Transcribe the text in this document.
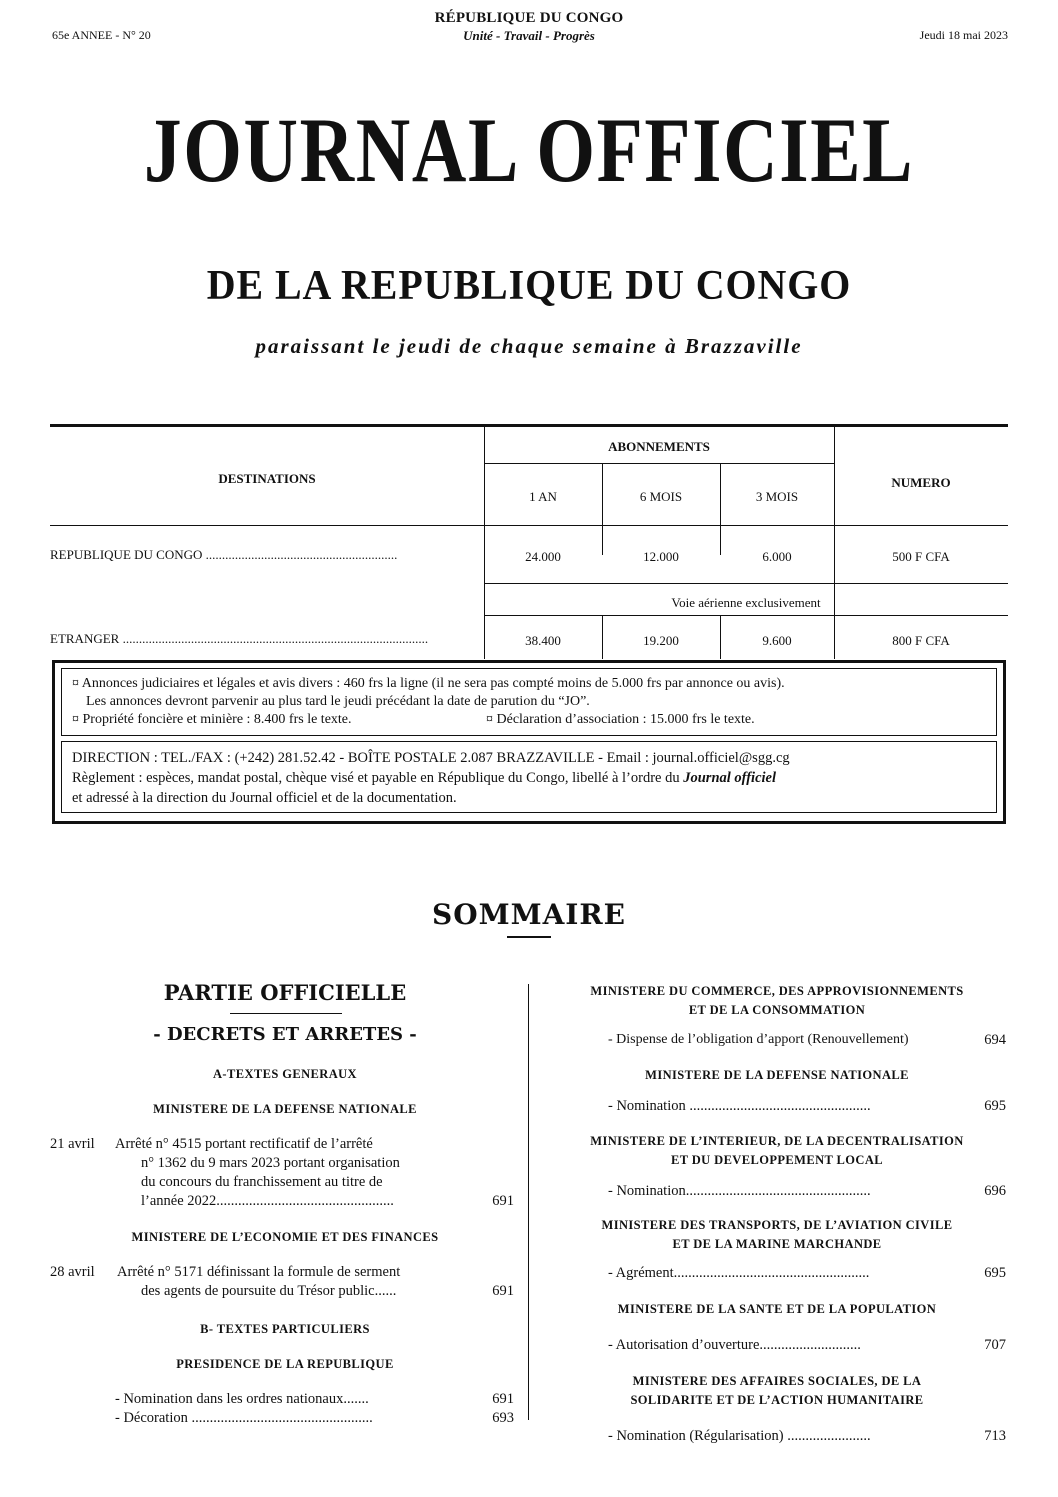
65e ANNEE - N° 20
RÉPUBLIQUE DU CONGO
Unité - Travail - Progrès	Jeudi 18 mai 2023
JOURNAL OFFICIEL
DE LA REPUBLIQUE DU CONGO
paraissant le jeudi de chaque semaine à Brazzaville
DESTINATIONS
ABONNEMENTS
NUMERO
1 AN	6 MOIS	3 MOIS
REPUBLIQUE DU CONGO ...........................................................	24.000	12.000	6.000	500 F CFA
Voie aérienne exclusivement
ETRANGER ..............................................................................................	38.400	19.200	9.600	800 F CFA
¤ Annonces judiciaires et légales et avis divers : 460 frs la ligne (il ne sera pas compté moins de 5.000 frs par annonce ou avis).
Les annonces devront parvenir au plus tard le jeudi précédant la date de parution du “JO”.
¤ Propriété foncière et minière : 8.400 frs le texte.	¤ Déclaration d’association : 15.000 frs le texte.
DIRECTION : TEL./FAX : (+242) 281.52.42 - BOÎTE POSTALE 2.087 BRAZZAVILLE - Email : journal.officiel@sgg.cg
Règlement : espèces, mandat postal, chèque visé et payable en République du Congo, libellé à l’ordre du Journal officiel
et adressé à la direction du Journal officiel et de la documentation.
SOMMAIRE
PARTIE OFFICIELLE
- DECRETS ET ARRETES -
A-TEXTES GENERAUX
MINISTERE DE LA DEFENSE NATIONALE
21 avril Arrêté n° 4515 portant rectificatif de l’arrêté
n° 1362 du 9 mars 2023 portant organisation
du concours du franchissement au titre de
l’année 2022.................................................	691
MINISTERE DE L’ECONOMIE ET DES FINANCES
28 avril Arrêté n° 5171 définissant la formule de serment
des agents de poursuite du Trésor public......	691
B- TEXTES PARTICULIERS
PRESIDENCE DE LA REPUBLIQUE
- Nomination dans les ordres nationaux.......	691
- Décoration ..................................................	693
MINISTERE DU COMMERCE, DES APPROVISIONNEMENTS
ET DE LA CONSOMMATION
- Dispense de l’obligation d’apport (Renouvellement)	694
MINISTERE DE LA DEFENSE NATIONALE
- Nomination ..................................................	695
MINISTERE DE L’INTERIEUR, DE LA DECENTRALISATION
ET DU DEVELOPPEMENT LOCAL
- Nomination...................................................	696
MINISTERE DES TRANSPORTS, DE L’AVIATION CIVILE
ET DE LA MARINE MARCHANDE
- Agrément......................................................	695
MINISTERE DE LA SANTE ET DE LA POPULATION
- Autorisation d’ouverture............................	707
MINISTERE DES AFFAIRES SOCIALES, DE LA
SOLIDARITE ET DE L’ACTION HUMANITAIRE
- Nomination (Régularisation) .......................	713
